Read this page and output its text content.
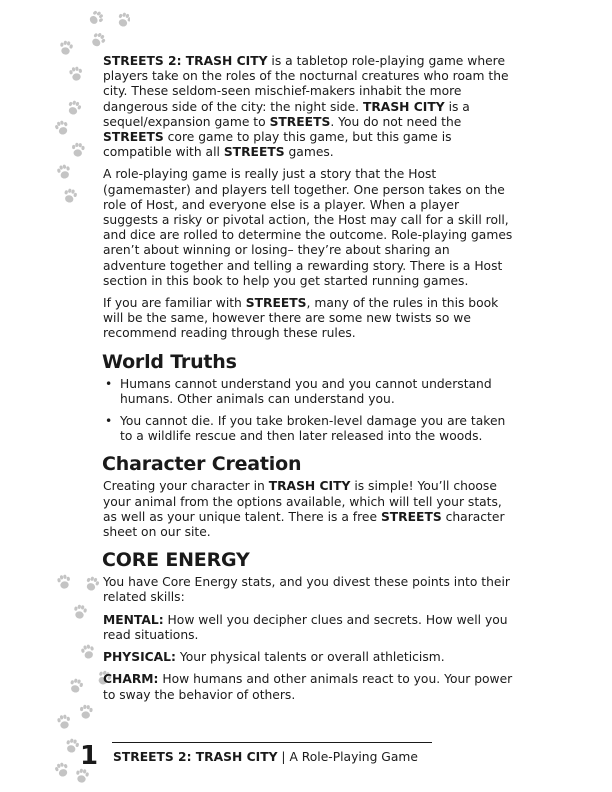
STREETS 2: TRASH CITY is a tabletop role-playing game where players take on the roles of the nocturnal creatures who roam the city. These seldom-seen mischief-makers inhabit the more dangerous side of the city: the night side. TRASH CITY is a sequel/expansion game to STREETS. You do not need the STREETS core game to play this game, but this game is compatible with all STREETS games.

A role-playing game is really just a story that the Host (gamemaster) and players tell together. One person takes on the role of Host, and everyone else is a player. When a player suggests a risky or pivotal action, the Host may call for a skill roll, and dice are rolled to determine the outcome. Role-playing games aren’t about winning or losing– they’re about sharing an adventure together and telling a rewarding story. There is a Host section in this book to help you get started running games.

If you are familiar with STREETS, many of the rules in this book will be the same, however there are some new twists so we recommend reading through these rules.

World Truths
• Humans cannot understand you and you cannot understand humans. Other animals can understand you.
• You cannot die. If you take broken-level damage you are taken to a wildlife rescue and then later released into the woods.
Character Creation

Creating your character in TRASH CITY is simple! You’ll choose your animal from the options available, which will tell your stats, as well as your unique talent. There is a free STREETS character sheet on our site.

CORE ENERGY

You have Core Energy stats, and you divest these points into their related skills:

MENTAL: How well you decipher clues and secrets. How well you read situations.

PHYSICAL: Your physical talents or overall athleticism.

CHARM: How humans and other animals react to you. Your power to sway the behavior of others.

1 STREETS 2: TRASH CITY | A Role-Playing Game
